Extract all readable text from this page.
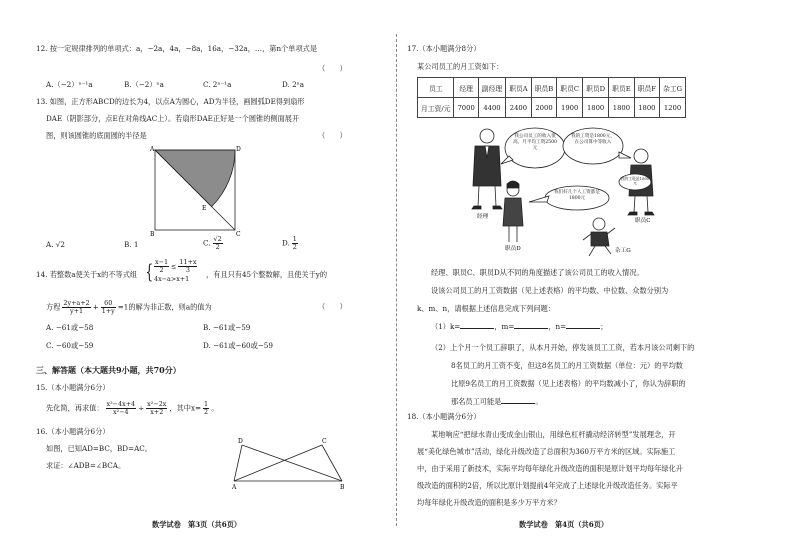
12. 按一定规律排列的单项式：a，−2a，4a，−8a，16a，−32a，…，第n个单项式是
（　　）
A.（−2）ⁿ⁻¹a	B.（−2）ⁿa	C. 2ⁿ⁻¹a	D. 2ⁿa
13. 如图，正方形ABCD的边长为4，以点A为圆心，AD为半径，画圆弧DE得到扇形
DAE（阴影部分，点E在对角线AC上）。若扇形DAE正好是一个圆锥的侧面展开
图，则该圆锥的底面圆的半径是	（　　）
A	D
B	C
E
A. √2	B. 1	C. $\frac{√2}{2}$	D. $\frac{1}{2}$
14. 若整数a使关于x的不等式组 { $\frac{x-1}{2} \le \frac{11+x}{3}$
4x−a>x+1	，有且只有45个整数解，且使关于y的
方程 $\frac{2y+a+2}{y+1} + \frac{60}{1+y} =1$的解为非正数，则a的值为	（　　）
A. −61或−58	B. −61或−59
C. −60或−59	D. −61或−60或−59
三、解答题（本大题共9小题，共70分）
15.（本小题满分6分）
先化简，再求值： $\frac{\text{x²−4x+4}}{\text{x²−4}} \div \frac{\text{x²−2x}}{x+2}$ ，其中$x= \frac{1}{2}$ 。
16.（本小题满分6分）
如图，已知AD=BC，BD=AC。
求证：∠ADB=∠BCA。
D	C
A	B
数学试卷　第3页（共6页）
17.（本小题满分8分）
某公司员工的月工资如下：
员工	经理	副经理	职员A	职员B	职员C	职员D	职员E	职员F	杂工G
月工资/元	7000	4400	2400	2000	1900	1800	1800	1800	1200
经理
我公司员工的收入很高，月平均工资2500元
我的工资是1800元，在公司算中等收入
职员C
职员D
我们好几个人工资都是1800元
杂工G
我的工资是1800元
经理、职员C、职员D从不同的角度描述了该公司员工的收入情况。
设该公司员工的月工资数据（见上述表格）的平均数、中位数、众数分别为
k、m、n，请根据上述信息完成下列问题：
（1）k=	，m=	，n=	；
（2）上个月一个员工辞职了，从本月开始，停发该员工工资，若本月该公司剩下的
8名员工的月工资不变，但这8名员工的月工资数据（单位：元）的平均数
比原9名员工的月工资数据（见上述表格）的平均数减小了，你认为辞职的
那名员工可能是	。
18.（本小题满分6分）
某地响应“把绿水青山变成金山银山，用绿色杠杆撬动经济转型”发展理念，开
展“美化绿色城市”活动，绿化升级改造了总面积为360万平方米的区域。实际施工
中，由于采用了新技术，实际平均每年绿化升级改造的面积是原计划平均每年绿化升
级改造的面积的2倍，所以比原计划提前4年完成了上述绿化升级改造任务。实际平
均每年绿化升级改造的面积是多少万平方米？
数学试卷　第4页（共6页）
